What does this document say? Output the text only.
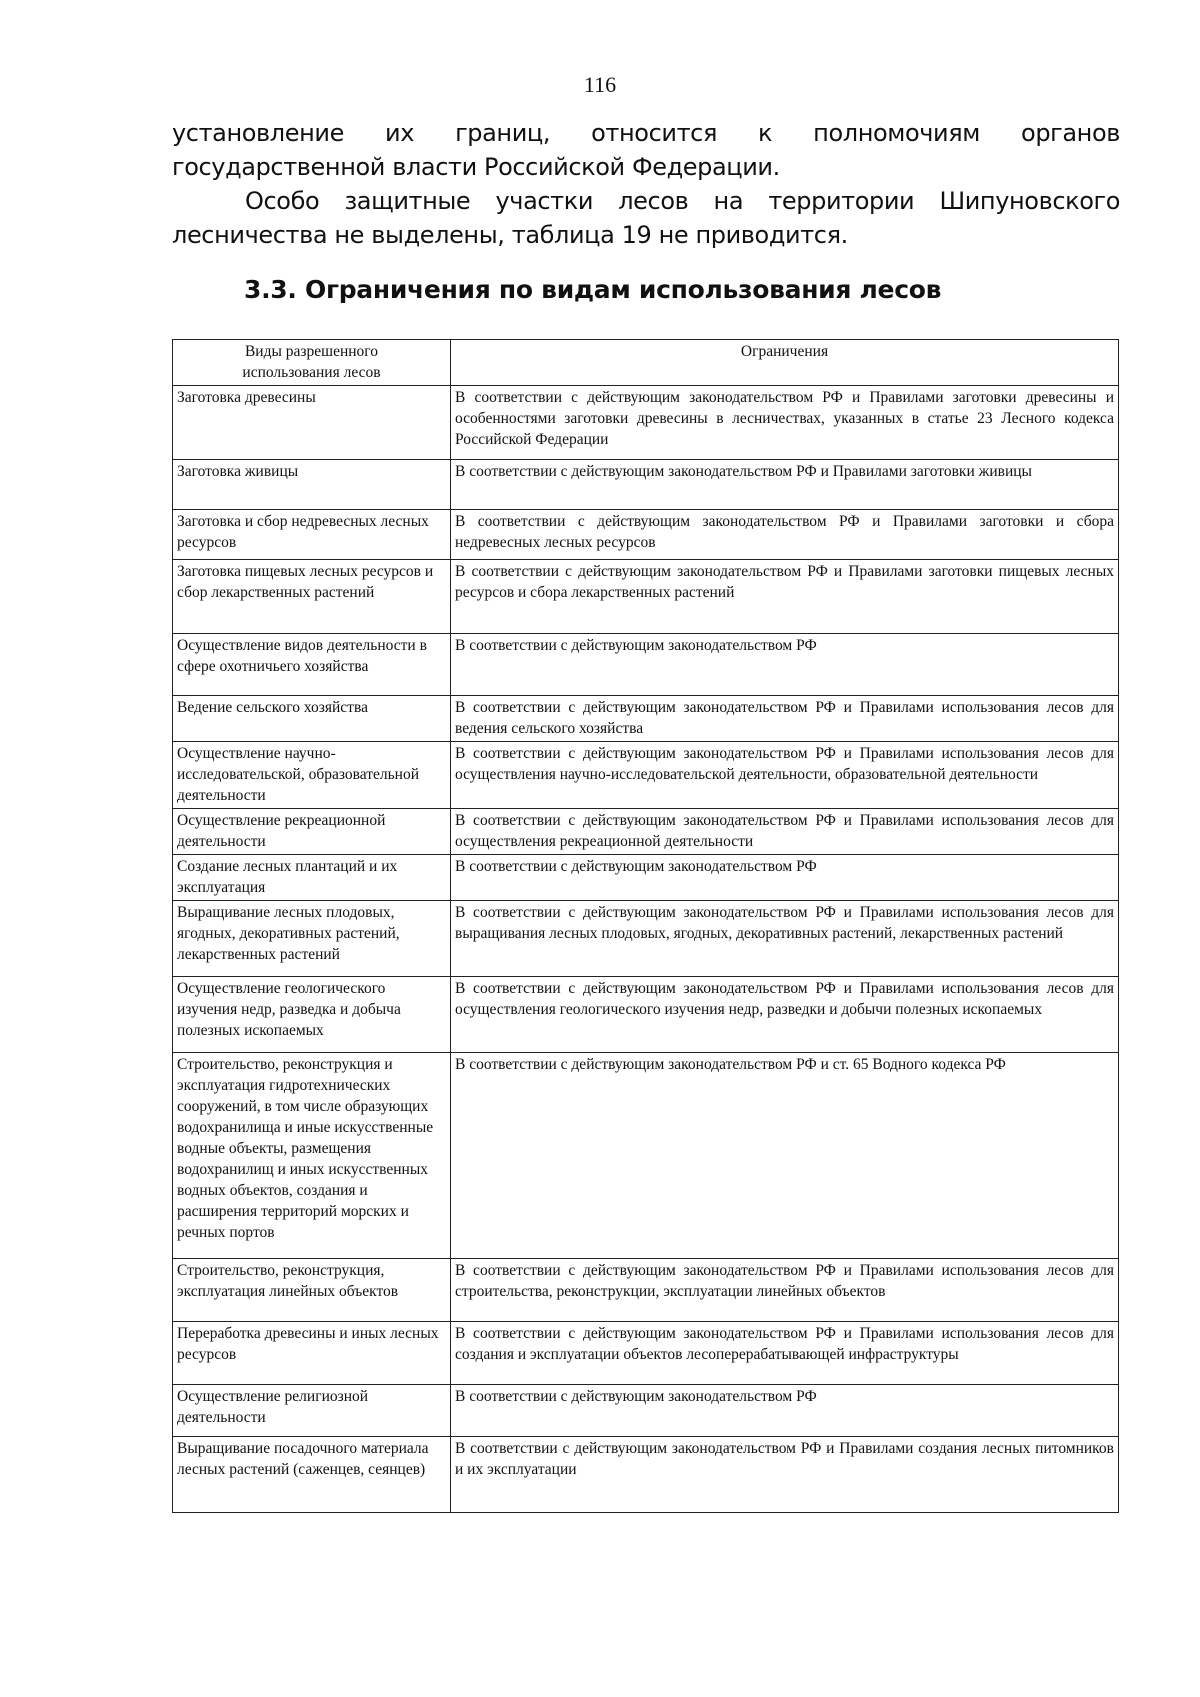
116

установление их границ, относится к полномочиям органов государственной власти Российской Федерации.

Особо защитные участки лесов на территории Шипуновского лесничества не выделены, таблица 19 не приводится.

3.3. Ограничения по видам использования лесов
Виды разрешенного использования лесов	Ограничения
Заготовка древесины	В соответствии с действующим законодательством РФ и Правилами заготовки древесины и особенностями заготовки древесины в лесничествах, указанных в статье 23 Лесного кодекса Российской Федерации
Заготовка живицы	В соответствии с действующим законодательством РФ и Правилами заготовки живицы
Заготовка и сбор недревесных лесных ресурсов	В соответствии с действующим законодательством РФ и Правилами заготовки и сбора недревесных лесных ресурсов
Заготовка пищевых лесных ресурсов и сбор лекарственных растений	В соответствии с действующим законодательством РФ и Правилами заготовки пищевых лесных ресурсов и сбора лекарственных растений
Осуществление видов деятельности в сфере охотничьего хозяйства	В соответствии с действующим законодательством РФ
Ведение сельского хозяйства	В соответствии с действующим законодательством РФ и Правилами использования лесов для ведения сельского хозяйства
Осуществление научно-исследовательской, образовательной деятельности	В соответствии с действующим законодательством РФ и Правилами использования лесов для осуществления научно-исследовательской деятельности, образовательной деятельности
Осуществление рекреационной деятельности	В соответствии с действующим законодательством РФ и Правилами использования лесов для осуществления рекреационной деятельности
Создание лесных плантаций и их эксплуатация	В соответствии с действующим законодательством РФ
Выращивание лесных плодовых, ягодных, декоративных растений, лекарственных растений	В соответствии с действующим законодательством РФ и Правилами использования лесов для выращивания лесных плодовых, ягодных, декоративных растений, лекарственных растений
Осуществление геологического изучения недр, разведка и добыча полезных ископаемых	В соответствии с действующим законодательством РФ и Правилами использования лесов для осуществления геологического изучения недр, разведки и добычи полезных ископаемых
Строительство, реконструкция и эксплуатация гидротехнических сооружений, в том числе образующих водохранилища и иные искусственные водные объекты, размещения водохранилищ и иных искусственных водных объектов, создания и расширения территорий морских и речных портов	В соответствии с действующим законодательством РФ и ст. 65 Водного кодекса РФ
Строительство, реконструкция, эксплуатация линейных объектов	В соответствии с действующим законодательством РФ и Правилами использования лесов для строительства, реконструкции, эксплуатации линейных объектов
Переработка древесины и иных лесных ресурсов	В соответствии с действующим законодательством РФ и Правилами использования лесов для создания и эксплуатации объектов лесоперерабатывающей инфраструктуры
Осуществление религиозной деятельности	В соответствии с действующим законодательством РФ
Выращивание посадочного материала лесных растений (саженцев, сеянцев)	В соответствии с действующим законодательством РФ и Правилами создания лесных питомников и их эксплуатации
